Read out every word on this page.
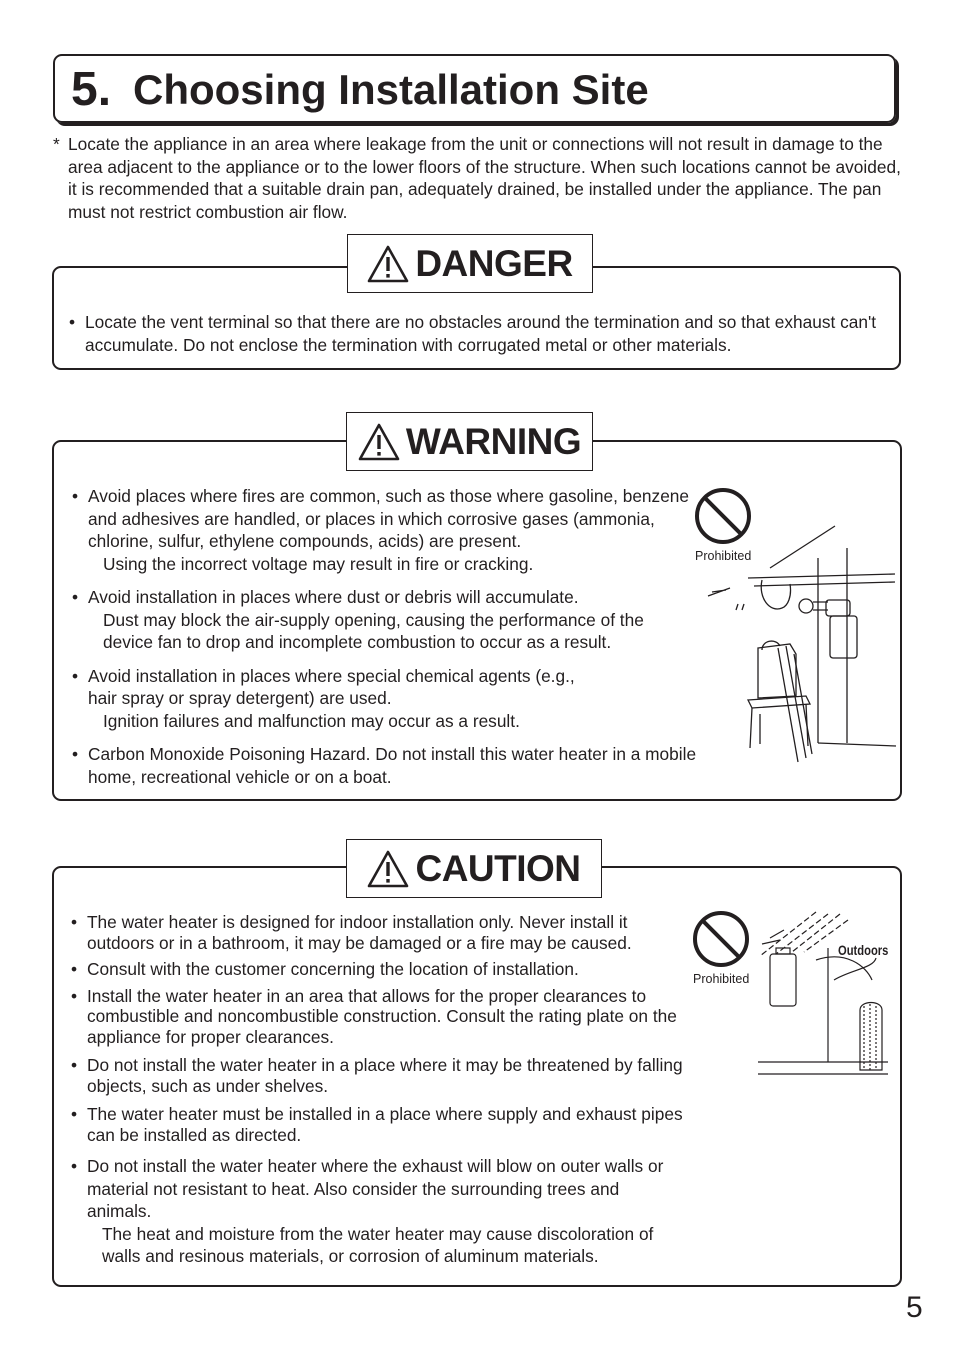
5. Choosing Installation Site
* Locate the appliance in an area where leakage from the unit or connections will not result in damage to the area adjacent to the appliance or to the lower floors of the structure. When such locations cannot be avoided, it is recommended that a suitable drain pan, adequately drained, be installed under the appliance. The pan must not restrict combustion air flow.
DANGER
• Locate the vent terminal so that there are no obstacles around the termination and so that exhaust can't accumulate. Do not enclose the termination with corrugated metal or other materials.
WARNING
• Avoid places where fires are common, such as those where gasoline, benzene and adhesives are handled, or places in which corrosive gases (ammonia, chlorine, sulfur, ethylene compounds, acids) are present.
Using the incorrect voltage may result in fire or cracking.
• Avoid installation in places where dust or debris will accumulate.
Dust may block the air-supply opening, causing the performance of the device fan to drop and incomplete combustion to occur as a result.
• Avoid installation in places where special chemical agents (e.g., hair spray or spray detergent) are used.
Ignition failures and malfunction may occur as a result.
• Carbon Monoxide Poisoning Hazard. Do not install this water heater in a mobile home, recreational vehicle or on a boat.
Prohibited
CAUTION
• The water heater is designed for indoor installation only. Never install it outdoors or in a bathroom, it may be damaged or a fire may be caused.
• Consult with the customer concerning the location of installation.
• Install the water heater in an area that allows for the proper clearances to combustible and noncombustible construction. Consult the rating plate on the appliance for proper clearances.
• Do not install the water heater in a place where it may be threatened by falling objects, such as under shelves.
• The water heater must be installed in a place where supply and exhaust pipes can be installed as directed.
• Do not install the water heater where the exhaust will blow on outer walls or material not resistant to heat. Also consider the surrounding trees and animals.
The heat and moisture from the water heater may cause discoloration of walls and resinous materials, or corrosion of aluminum materials.
Prohibited
Outdoors
5
